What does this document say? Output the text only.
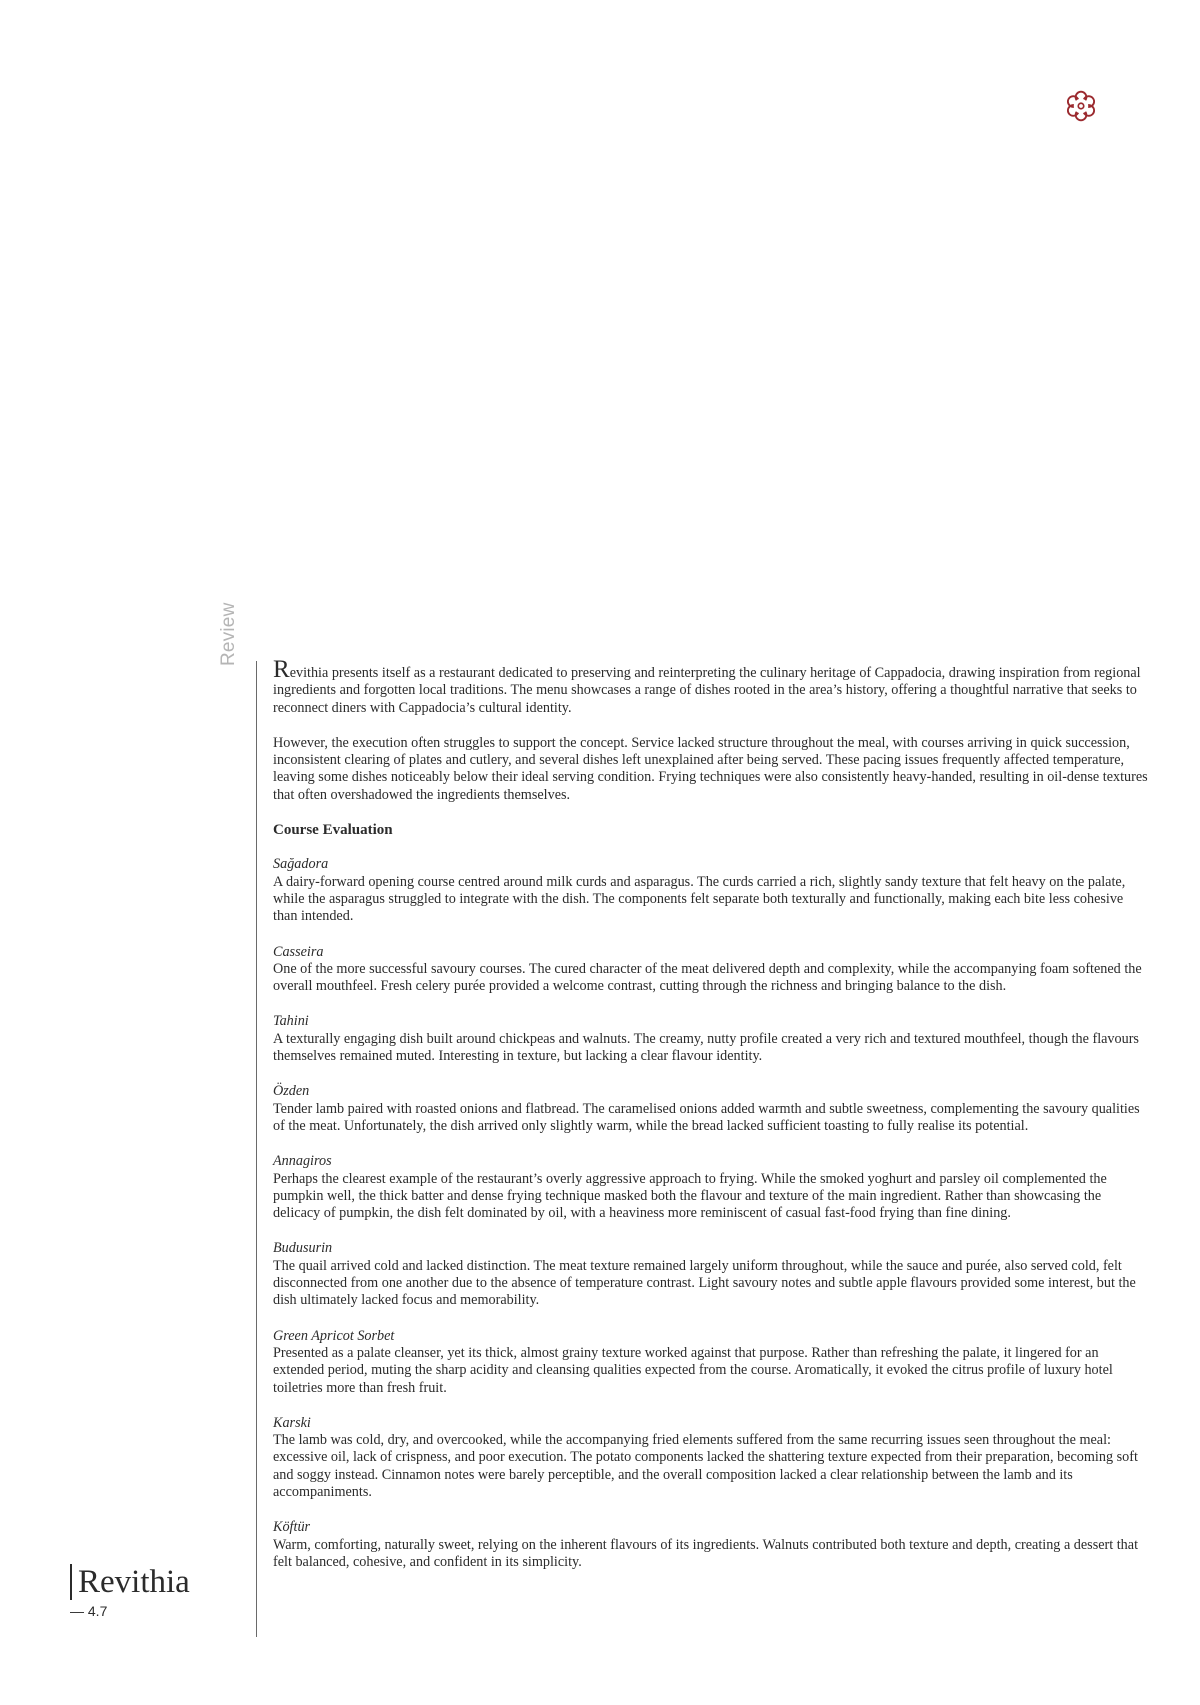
Review
Revithia
— 4.7

Revithia presents itself as a restaurant dedicated to preserving and reinterpreting the culinary heritage of Cappadocia, drawing inspiration from regional ingredients and forgotten local traditions. The menu showcases a range of dishes rooted in the area’s history, offering a thoughtful narrative that seeks to reconnect diners with Cappadocia’s cultural identity.

However, the execution often struggles to support the concept. Service lacked structure throughout the meal, with courses arriving in quick succession, inconsistent clearing of plates and cutlery, and several dishes left unexplained after being served. These pacing issues frequently affected temperature, leaving some dishes noticeably below their ideal serving condition. Frying techniques were also consistently heavy-handed, resulting in oil-dense textures that often overshadowed the ingredients themselves.

Course Evaluation
Sağadora
A dairy-forward opening course centred around milk curds and asparagus. The curds carried a rich, slightly sandy texture that felt heavy on the palate, while the asparagus struggled to integrate with the dish. The components felt separate both texturally and functionally, making each bite less cohesive than intended.
Casseira
One of the more successful savoury courses. The cured character of the meat delivered depth and complexity, while the accompanying foam softened the overall mouthfeel. Fresh celery purée provided a welcome contrast, cutting through the richness and bringing balance to the dish.
Tahini
A texturally engaging dish built around chickpeas and walnuts. The creamy, nutty profile created a very rich and textured mouthfeel, though the flavours themselves remained muted. Interesting in texture, but lacking a clear flavour identity.
Özden
Tender lamb paired with roasted onions and flatbread. The caramelised onions added warmth and subtle sweetness, complementing the savoury qualities of the meat. Unfortunately, the dish arrived only slightly warm, while the bread lacked sufficient toasting to fully realise its potential.
Annagiros
Perhaps the clearest example of the restaurant’s overly aggressive approach to frying. While the smoked yoghurt and parsley oil complemented the pumpkin well, the thick batter and dense frying technique masked both the flavour and texture of the main ingredient. Rather than showcasing the delicacy of pumpkin, the dish felt dominated by oil, with a heaviness more reminiscent of casual fast-food frying than fine dining.
Budusurin
The quail arrived cold and lacked distinction. The meat texture remained largely uniform throughout, while the sauce and purée, also served cold, felt disconnected from one another due to the absence of temperature contrast. Light savoury notes and subtle apple flavours provided some interest, but the dish ultimately lacked focus and memorability.
Green Apricot Sorbet
Presented as a palate cleanser, yet its thick, almost grainy texture worked against that purpose. Rather than refreshing the palate, it lingered for an extended period, muting the sharp acidity and cleansing qualities expected from the course. Aromatically, it evoked the citrus profile of luxury hotel toiletries more than fresh fruit.
Karski
The lamb was cold, dry, and overcooked, while the accompanying fried elements suffered from the same recurring issues seen throughout the meal: excessive oil, lack of crispness, and poor execution. The potato components lacked the shattering texture expected from their preparation, becoming soft and soggy instead. Cinnamon notes were barely perceptible, and the overall composition lacked a clear relationship between the lamb and its accompaniments.
Köftür
Warm, comforting, naturally sweet, relying on the inherent flavours of its ingredients. Walnuts contributed both texture and depth, creating a dessert that felt balanced, cohesive, and confident in its simplicity.
